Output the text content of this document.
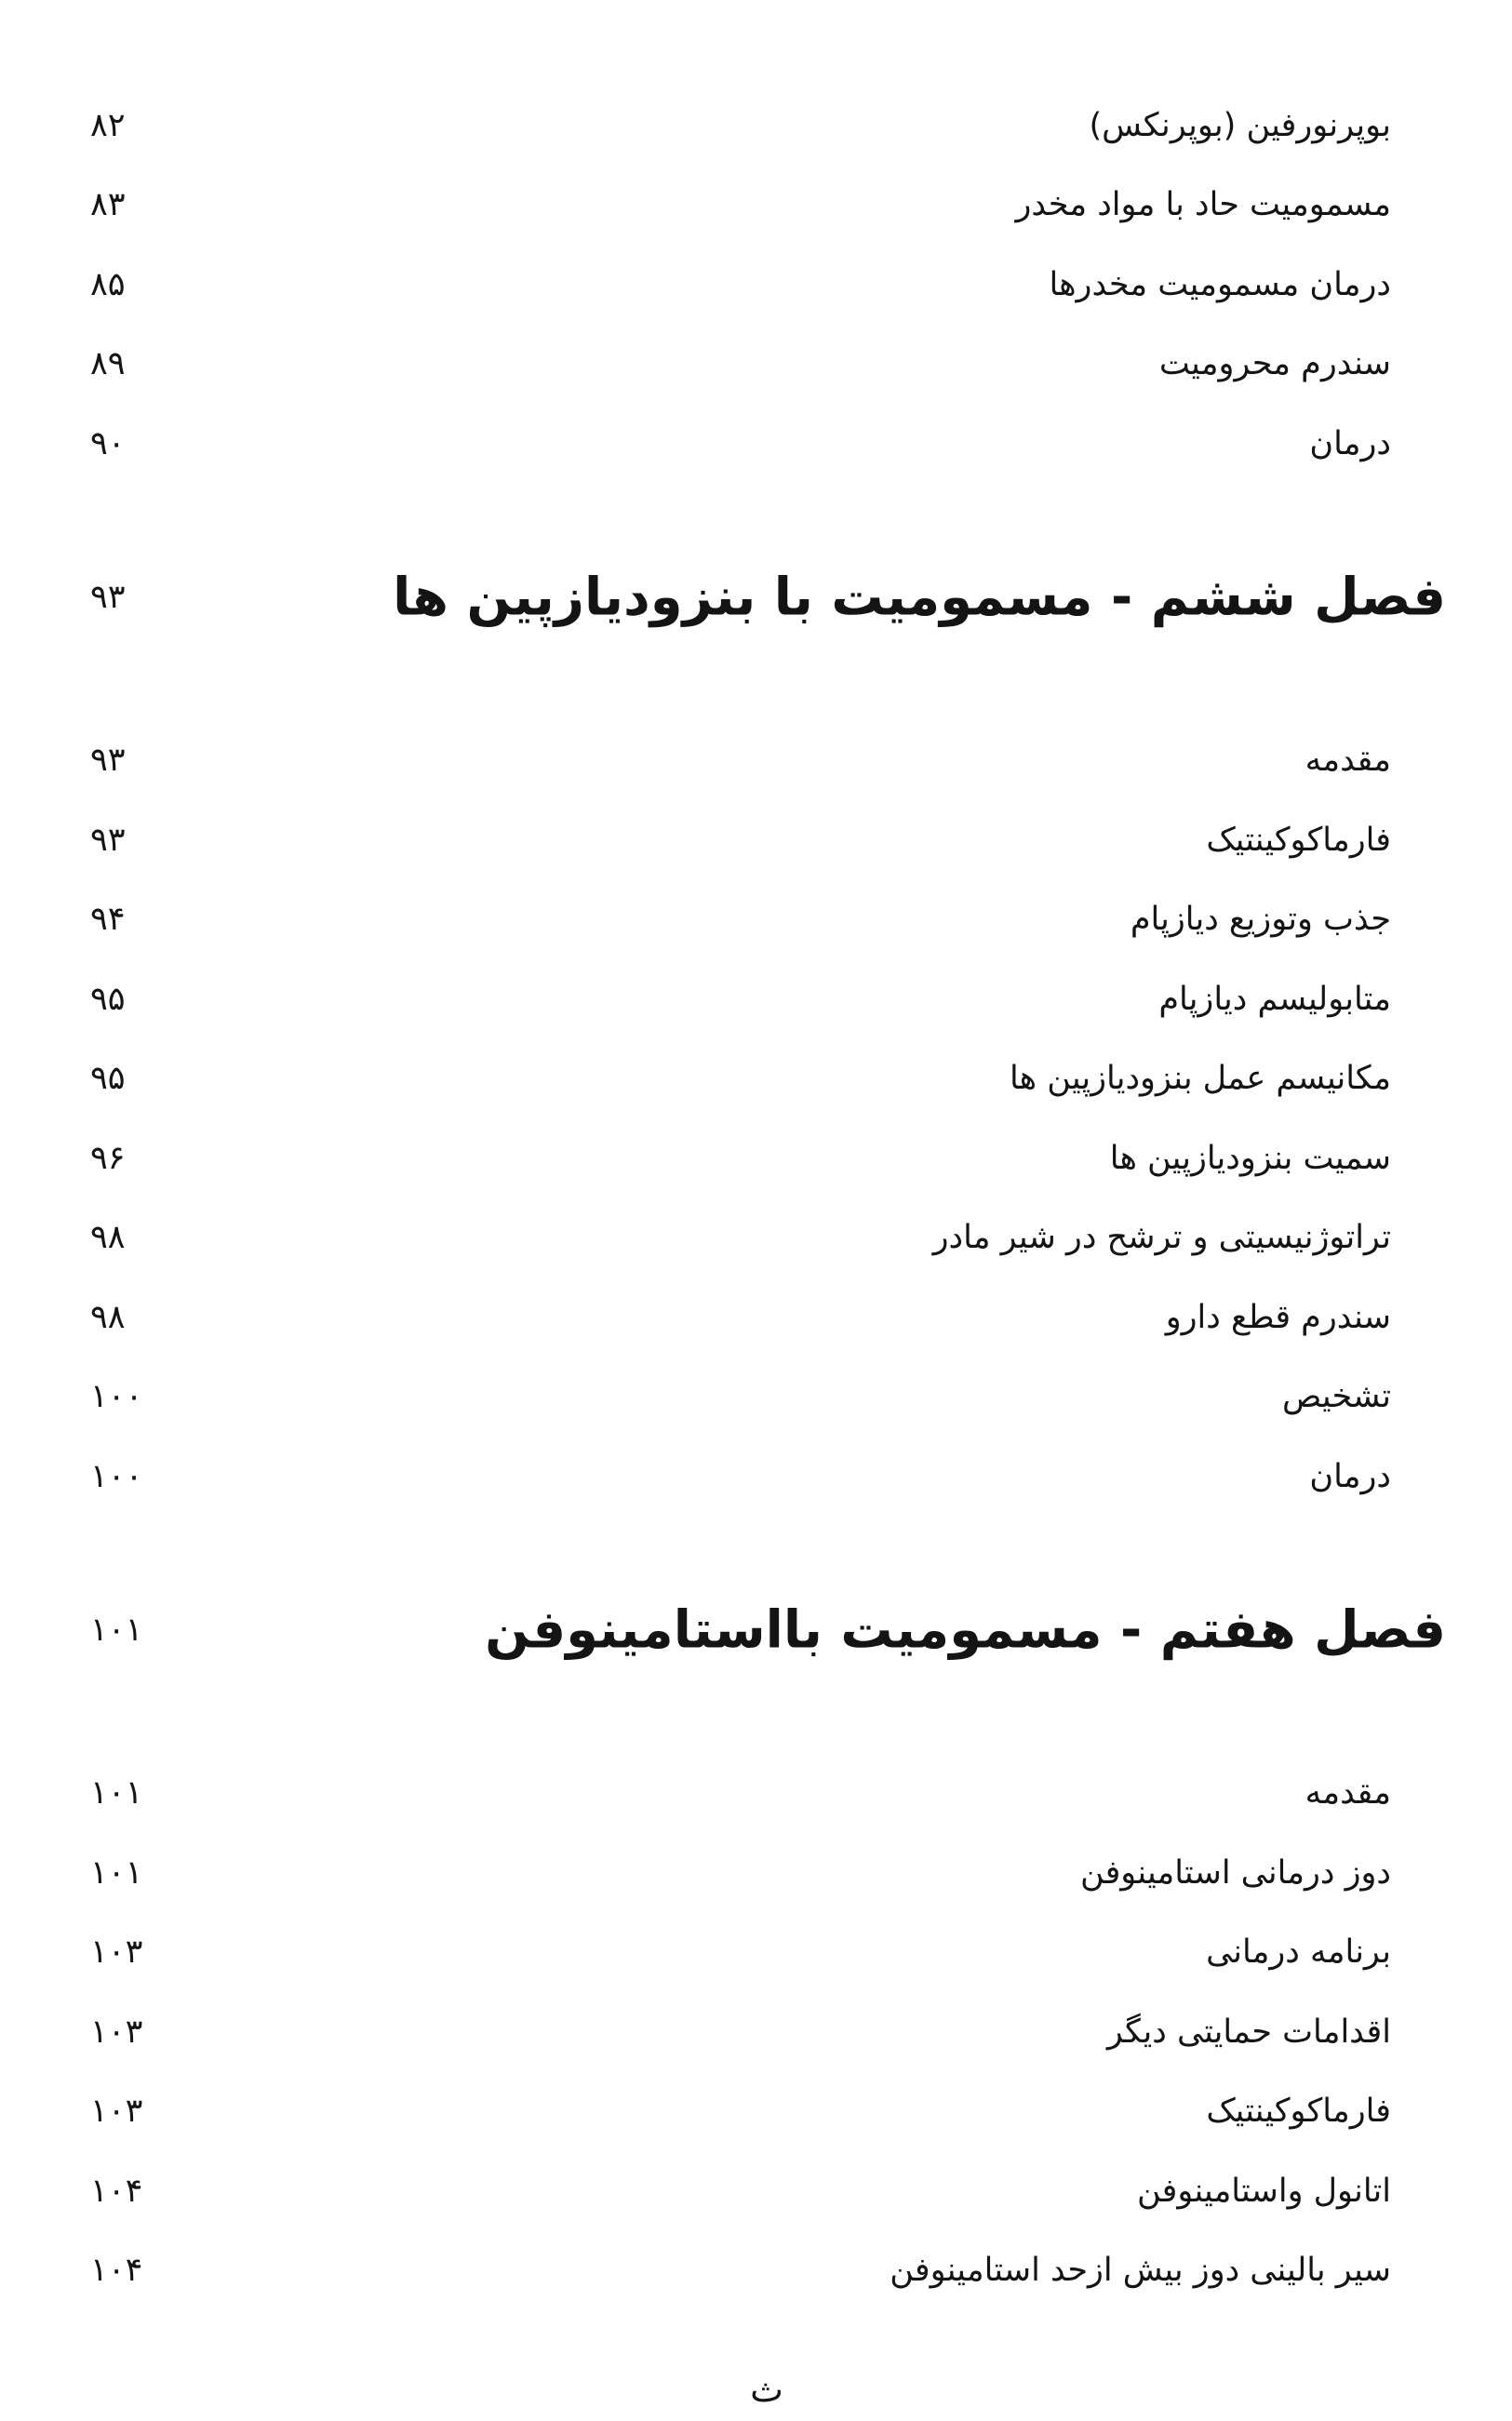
بوپرنورفین (بوپرنکس)
۸۲
مسمومیت حاد با مواد مخدر
۸۳
درمان مسمومیت مخدرها
۸۵
سندرم محرومیت
۸۹
درمان
۹۰
فصل ششم - مسمومیت با بنزودیازپین ها
۹۳
مقدمه
۹۳
فارماکوکینتیک
۹۳
جذب وتوزیع دیازپام
۹۴
متابولیسم دیازپام
۹۵
مکانیسم عمل بنزودیازپین ها
۹۵
سمیت بنزودیازپین ها
۹۶
تراتوژنیسیتی و ترشح در شیر مادر
۹۸
سندرم قطع دارو
۹۸
تشخیص
۱۰۰
درمان
۱۰۰
فصل هفتم - مسمومیت بااستامینوفن
۱۰۱
مقدمه
۱۰۱
دوز درمانی استامینوفن
۱۰۱
برنامه درمانی
۱۰۳
اقدامات حمایتی دیگر
۱۰۳
فارماکوکینتیک
۱۰۳
اتانول واستامینوفن
۱۰۴
سیر بالینی دوز بیش ازحد استامینوفن
۱۰۴
ث
